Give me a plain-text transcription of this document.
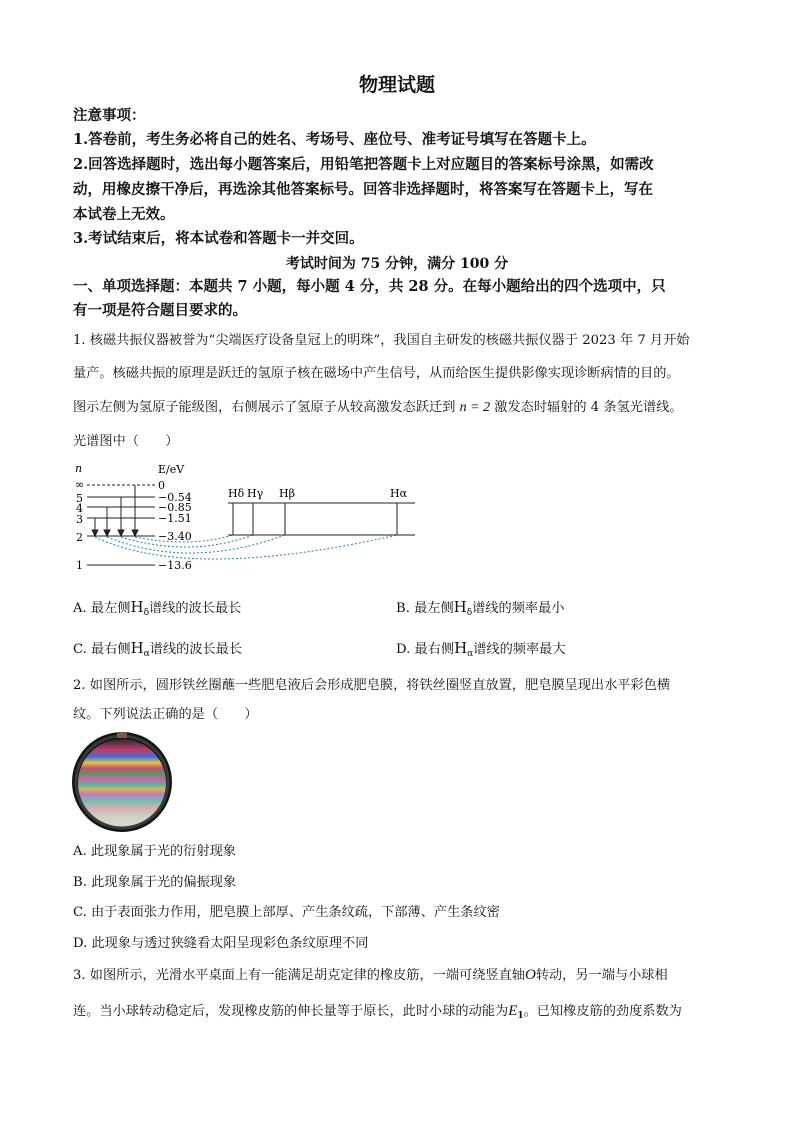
物理试题
注意事项：
1.答卷前，考生务必将自己的姓名、考场号、座位号、准考证号填写在答题卡上。
2.回答选择题时，选出每小题答案后，用铅笔把答题卡上对应题目的答案标号涂黑，如需改
动，用橡皮擦干净后，再选涂其他答案标号。回答非选择题时，将答案写在答题卡上，写在
本试卷上无效。
3.考试结束后，将本试卷和答题卡一并交回。
考试时间为 75 分钟，满分 100 分
一、单项选择题：本题共 7 小题，每小题 4 分，共 28 分。在每小题给出的四个选项中，只
有一项是符合题目要求的。
1. 核磁共振仪器被誉为“尖端医疗设备皇冠上的明珠”，我国自主研发的核磁共振仪器于 2023 年 7 月开始
量产。核磁共振的原理是跃迁的氢原子核在磁场中产生信号，从而给医生提供影像实现诊断病情的目的。
图示左侧为氢原子能级图，右侧展示了氢原子从较高激发态跃迁到 n = 2 激发态时辐射的 4 条氢光谱线。
光谱图中（　　）
n	E/eV
∞
5
4
3
2
1
0
−0.54
−0.85
−1.51
−3.40
−13.6
Hδ Hγ Hβ	Hα
A. 最左侧$H_\delta$谱线的波长最长	B. 最左侧$H_\delta$谱线的频率最小
C. 最右侧$H_\alpha$谱线的波长最长	D. 最右侧$H_\alpha$谱线的频率最大
2. 如图所示，圆形铁丝圈蘸一些肥皂液后会形成肥皂膜，将铁丝圈竖直放置，肥皂膜呈现出水平彩色横
纹。下列说法正确的是（　　）
A. 此现象属于光的衍射现象
B. 此现象属于光的偏振现象
C. 由于表面张力作用，肥皂膜上部厚、产生条纹疏，下部薄、产生条纹密
D. 此现象与透过狭缝看太阳呈现彩色条纹原理不同
3. 如图所示，光滑水平桌面上有一能满足胡克定律的橡皮筋，一端可绕竖直轴O转动，另一端与小球相
连。当小球转动稳定后，发现橡皮筋的伸长量等于原长，此时小球的动能为$E_1$。已知橡皮筋的劲度系数为
